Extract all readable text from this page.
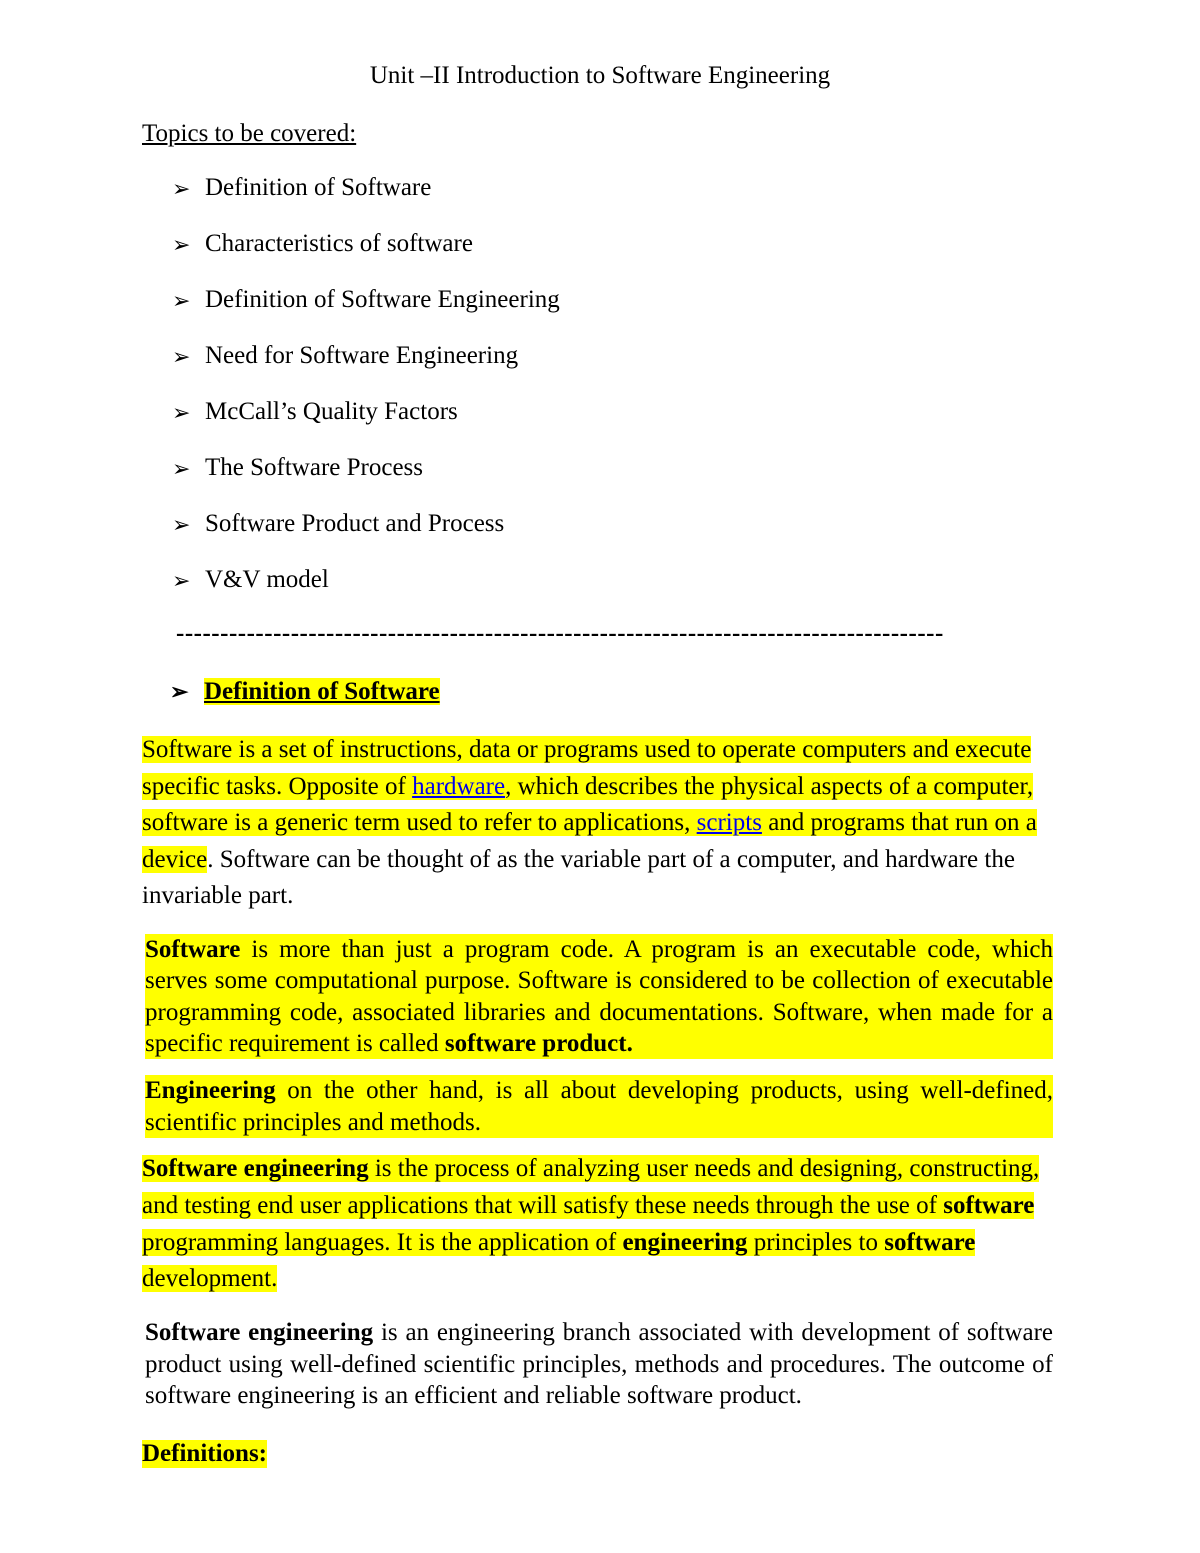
Unit –II Introduction to Software Engineering
Topics to be covered:
➢ Definition of Software
➢ Characteristics of software
➢ Definition of Software Engineering
➢ Need for Software Engineering
➢ McCall’s Quality Factors
➢ The Software Process
➢ Software Product and Process
➢ V&V model
---------------------------------------------------------------------------------------
➢ Definition of Software
Software is a set of instructions, data or programs used to operate computers and execute specific tasks. Opposite of hardware, which describes the physical aspects of a computer, software is a generic term used to refer to applications, scripts and programs that run on a device. Software can be thought of as the variable part of a computer, and hardware the invariable part.
Software is more than just a program code. A program is an executable code, which serves some computational purpose. Software is considered to be collection of executable programming code, associated libraries and documentations. Software, when made for a specific requirement is called software product.
Engineering on the other hand, is all about developing products, using well-defined, scientific principles and methods.
Software engineering is the process of analyzing user needs and designing, constructing, and testing end user applications that will satisfy these needs through the use of software programming languages. It is the application of engineering principles to software development.
Software engineering is an engineering branch associated with development of software product using well-defined scientific principles, methods and procedures. The outcome of software engineering is an efficient and reliable software product.
Definitions:
